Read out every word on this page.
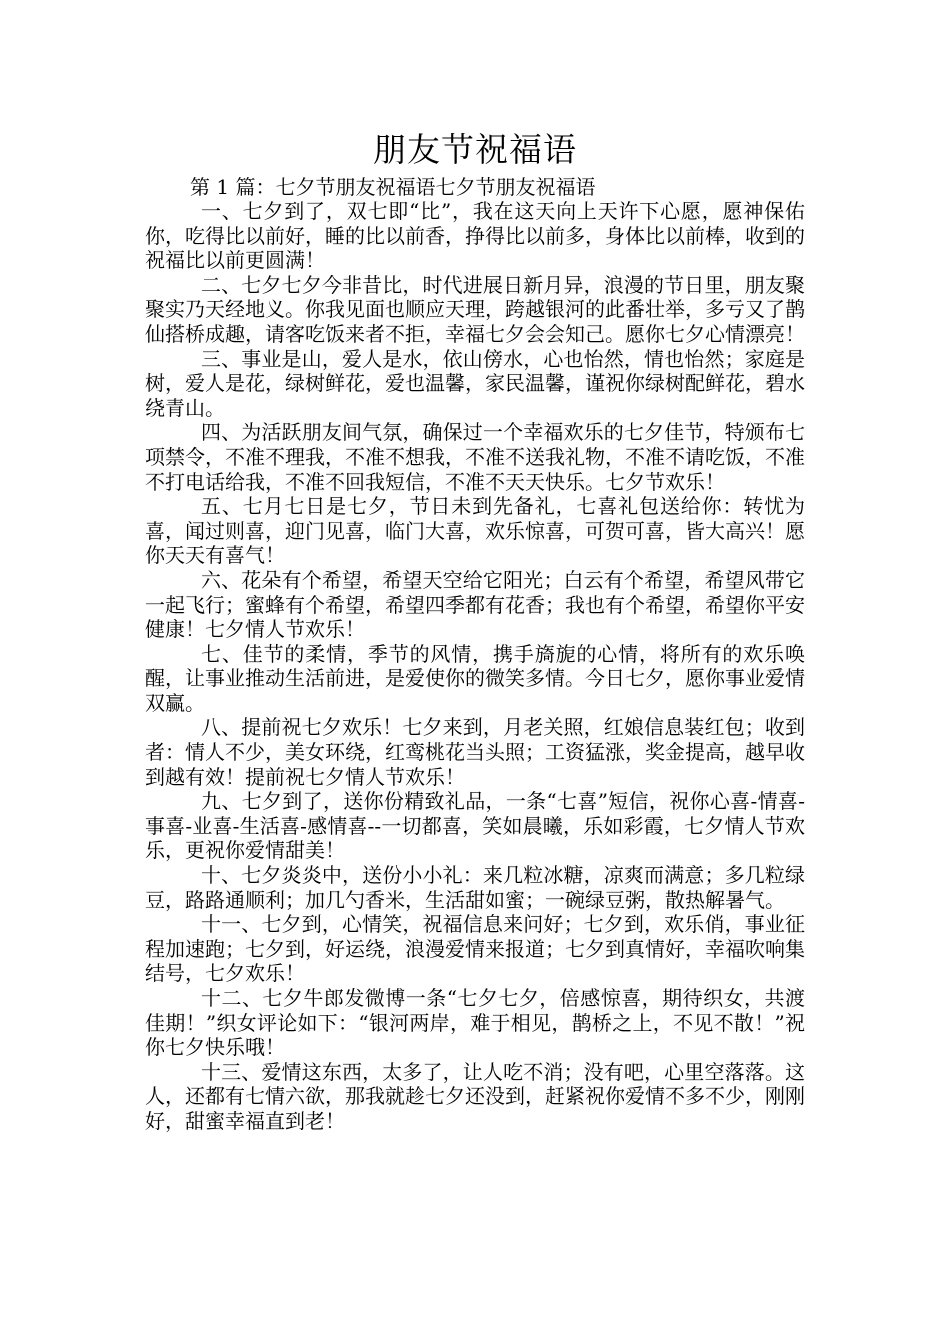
朋友节祝福语
第 1 篇：七夕节朋友祝福语七夕节朋友祝福语

一、七夕到了，双七即“比”，我在这天向上天许下心愿，愿神保佑你，吃得比以前好，睡的比以前香，挣得比以前多，身体比以前棒，收到的祝福比以前更圆满！

二、七夕七夕今非昔比，时代进展日新月异，浪漫的节日里，朋友聚聚实乃天经地义。你我见面也顺应天理，跨越银河的此番壮举，多亏又了鹊仙搭桥成趣，请客吃饭来者不拒，幸福七夕会会知己。愿你七夕心情漂亮！

三、事业是山，爱人是水，依山傍水，心也怡然，情也怡然；家庭是树，爱人是花，绿树鲜花，爱也温馨，家民温馨，谨祝你绿树配鲜花，碧水绕青山。

四、为活跃朋友间气氛，确保过一个幸福欢乐的七夕佳节，特颁布七项禁令，不准不理我，不准不想我，不准不送我礼物，不准不请吃饭，不准不打电话给我，不准不回我短信，不准不天天快乐。七夕节欢乐！

五、七月七日是七夕，节日未到先备礼，七喜礼包送给你：转忧为喜，闻过则喜，迎门见喜，临门大喜，欢乐惊喜，可贺可喜，皆大高兴！愿你天天有喜气！

六、花朵有个希望，希望天空给它阳光；白云有个希望，希望风带它一起飞行；蜜蜂有个希望，希望四季都有花香；我也有个希望，希望你平安健康！七夕情人节欢乐！

七、佳节的柔情，季节的风情，携手旖旎的心情，将所有的欢乐唤醒，让事业推动生活前进，是爱使你的微笑多情。今日七夕，愿你事业爱情双赢。

八、提前祝七夕欢乐！七夕来到，月老关照，红娘信息装红包；收到者：情人不少，美女环绕，红鸾桃花当头照；工资猛涨，奖金提高，越早收到越有效！提前祝七夕情人节欢乐！

九、七夕到了，送你份精致礼品，一条“七喜”短信，祝你心喜-情喜-事喜-业喜-生活喜-感情喜--一切都喜，笑如晨曦，乐如彩霞，七夕情人节欢乐，更祝你爱情甜美！

十、七夕炎炎中，送份小小礼：来几粒冰糖，凉爽而满意；多几粒绿豆，路路通顺利；加几勺香米，生活甜如蜜；一碗绿豆粥，散热解暑气。

十一、七夕到，心情笑，祝福信息来问好；七夕到，欢乐俏，事业征程加速跑；七夕到，好运绕，浪漫爱情来报道；七夕到真情好，幸福吹响集结号，七夕欢乐！

十二、七夕牛郎发微博一条“七夕七夕，倍感惊喜，期待织女，共渡佳期！”织女评论如下：“银河两岸，难于相见，鹊桥之上，不见不散！”祝你七夕快乐哦！

十三、爱情这东西，太多了，让人吃不消；没有吧，心里空落落。这人，还都有七情六欲，那我就趁七夕还没到，赶紧祝你爱情不多不少，刚刚好，甜蜜幸福直到老！
